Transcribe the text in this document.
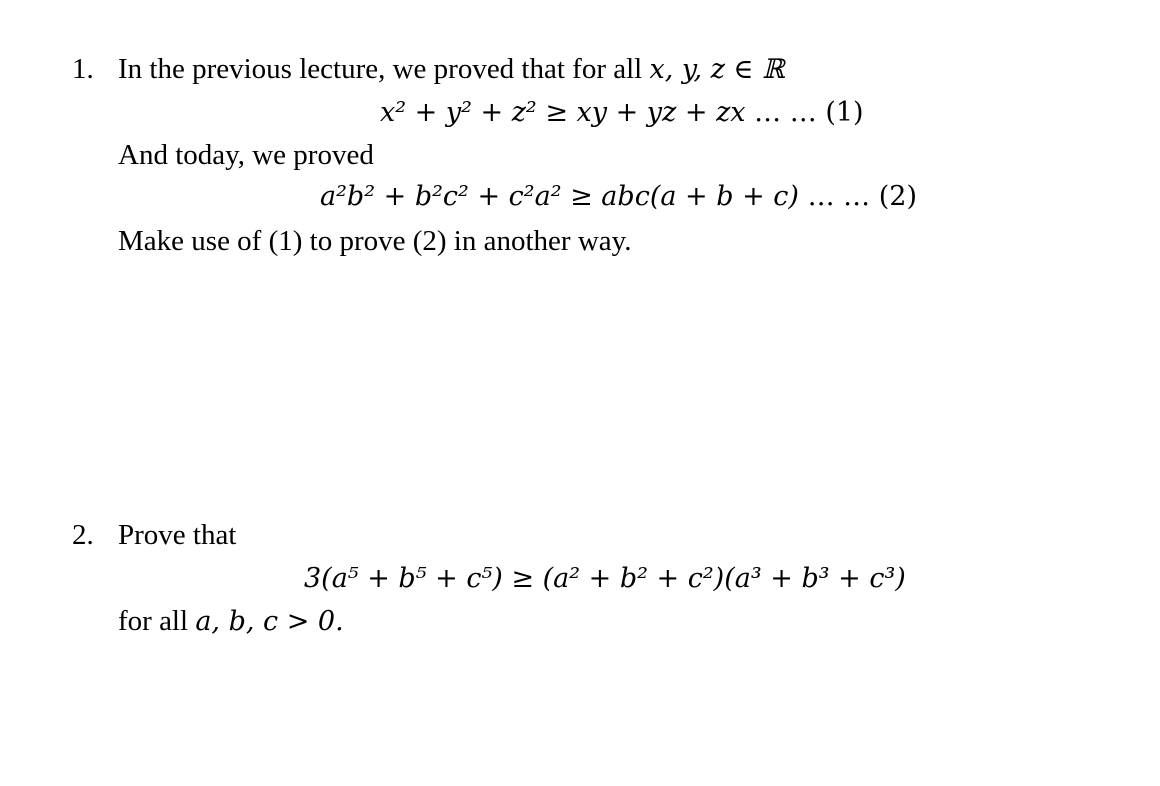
1. In the previous lecture, we proved that for all x, y, z ∈ ℝ
x² + y² + z² ≥ xy + yz + zx … … (1)
And today, we proved
a²b² + b²c² + c²a² ≥ abc(a + b + c) … … (2)
Make use of (1) to prove (2) in another way.
2. Prove that
3(a⁵ + b⁵ + c⁵) ≥ (a² + b² + c²)(a³ + b³ + c³)
for all a, b, c > 0.
